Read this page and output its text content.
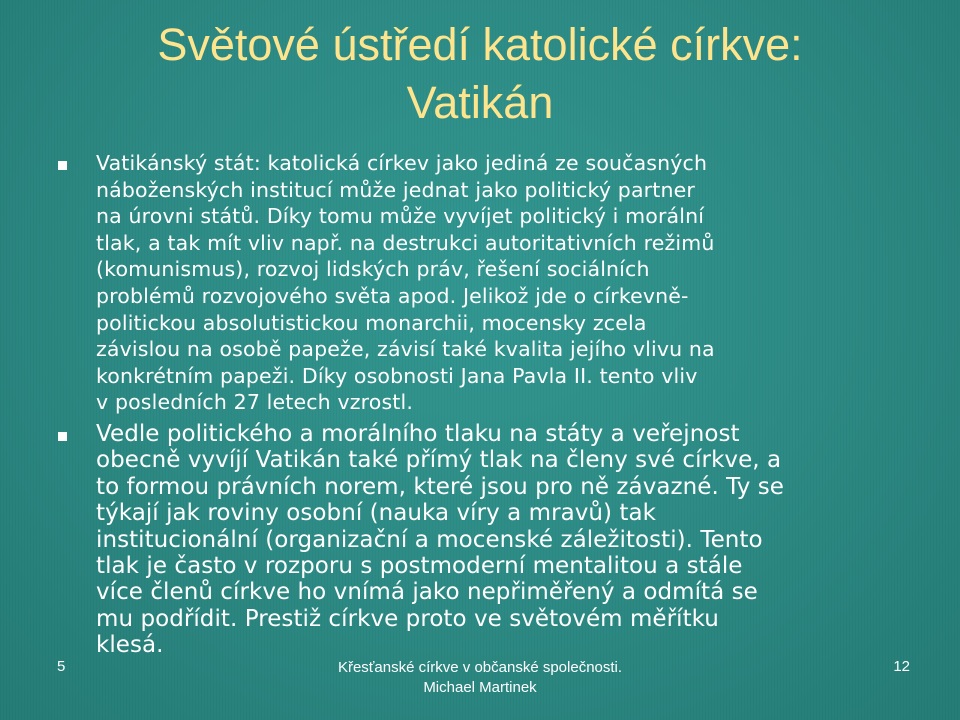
Světové ústředí katolické církve:
Vatikán
Vatikánský stát: katolická církev jako jediná ze současných
náboženských institucí může jednat jako politický partner
na úrovni států. Díky tomu může vyvíjet politický i morální
tlak, a tak mít vliv např. na destrukci autoritativních režimů
(komunismus), rozvoj lidských práv, řešení sociálních
problémů rozvojového světa apod. Jelikož jde o církevně-
politickou absolutistickou monarchii, mocensky zcela
závislou na osobě papeže, závisí také kvalita jejího vlivu na
konkrétním papeži. Díky osobnosti Jana Pavla II. tento vliv
v posledních 27 letech vzrostl.
Vedle politického a morálního tlaku na státy a veřejnost
obecně vyvíjí Vatikán také přímý tlak na členy své církve, a
to formou právních norem, které jsou pro ně závazné. Ty se
týkají jak roviny osobní (nauka víry a mravů) tak
institucionální (organizační a mocenské záležitosti). Tento
tlak je často v rozporu s postmoderní mentalitou a stále
více členů církve ho vnímá jako nepřiměřený a odmítá se
mu podřídit. Prestiž církve proto ve světovém měřítku
klesá.
5	Křesťanské církve v občanské společnosti.
Michael Martinek
12
